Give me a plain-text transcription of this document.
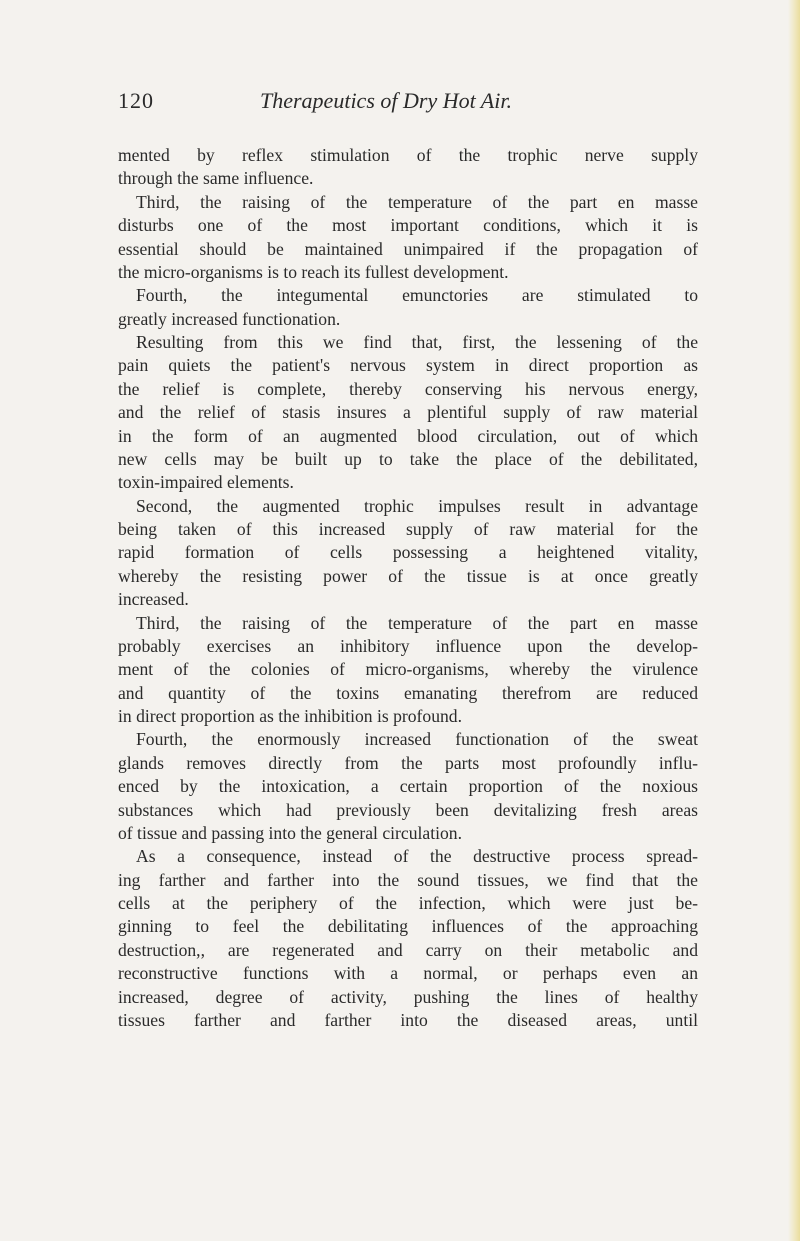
120	Therapeutics of Dry Hot Air.
mented by reflex stimulation of the trophic nerve supply
through the same influence.
Third, the raising of the temperature of the part en masse
disturbs one of the most important conditions, which it is
essential should be maintained unimpaired if the propagation of
the micro-organisms is to reach its fullest development.
Fourth, the integumental emunctories are stimulated to
greatly increased functionation.
Resulting from this we find that, first, the lessening of the
pain quiets the patient's nervous system in direct proportion as
the relief is complete, thereby conserving his nervous energy,
and the relief of stasis insures a plentiful supply of raw material
in the form of an augmented blood circulation, out of which
new cells may be built up to take the place of the debilitated,
toxin-impaired elements.
Second, the augmented trophic impulses result in advantage
being taken of this increased supply of raw material for the
rapid formation of cells possessing a heightened vitality,
whereby the resisting power of the tissue is at once greatly
increased.
Third, the raising of the temperature of the part en masse
probably exercises an inhibitory influence upon the develop-
ment of the colonies of micro-organisms, whereby the virulence
and quantity of the toxins emanating therefrom are reduced
in direct proportion as the inhibition is profound.
Fourth, the enormously increased functionation of the sweat
glands removes directly from the parts most profoundly influ-
enced by the intoxication, a certain proportion of the noxious
substances which had previously been devitalizing fresh areas
of tissue and passing into the general circulation.
As a consequence, instead of the destructive process spread-
ing farther and farther into the sound tissues, we find that the
cells at the periphery of the infection, which were just be-
ginning to feel the debilitating influences of the approaching
destruction,, are regenerated and carry on their metabolic and
reconstructive functions with a normal, or perhaps even an
increased, degree of activity, pushing the lines of healthy
tissues farther and farther into the diseased areas, until
